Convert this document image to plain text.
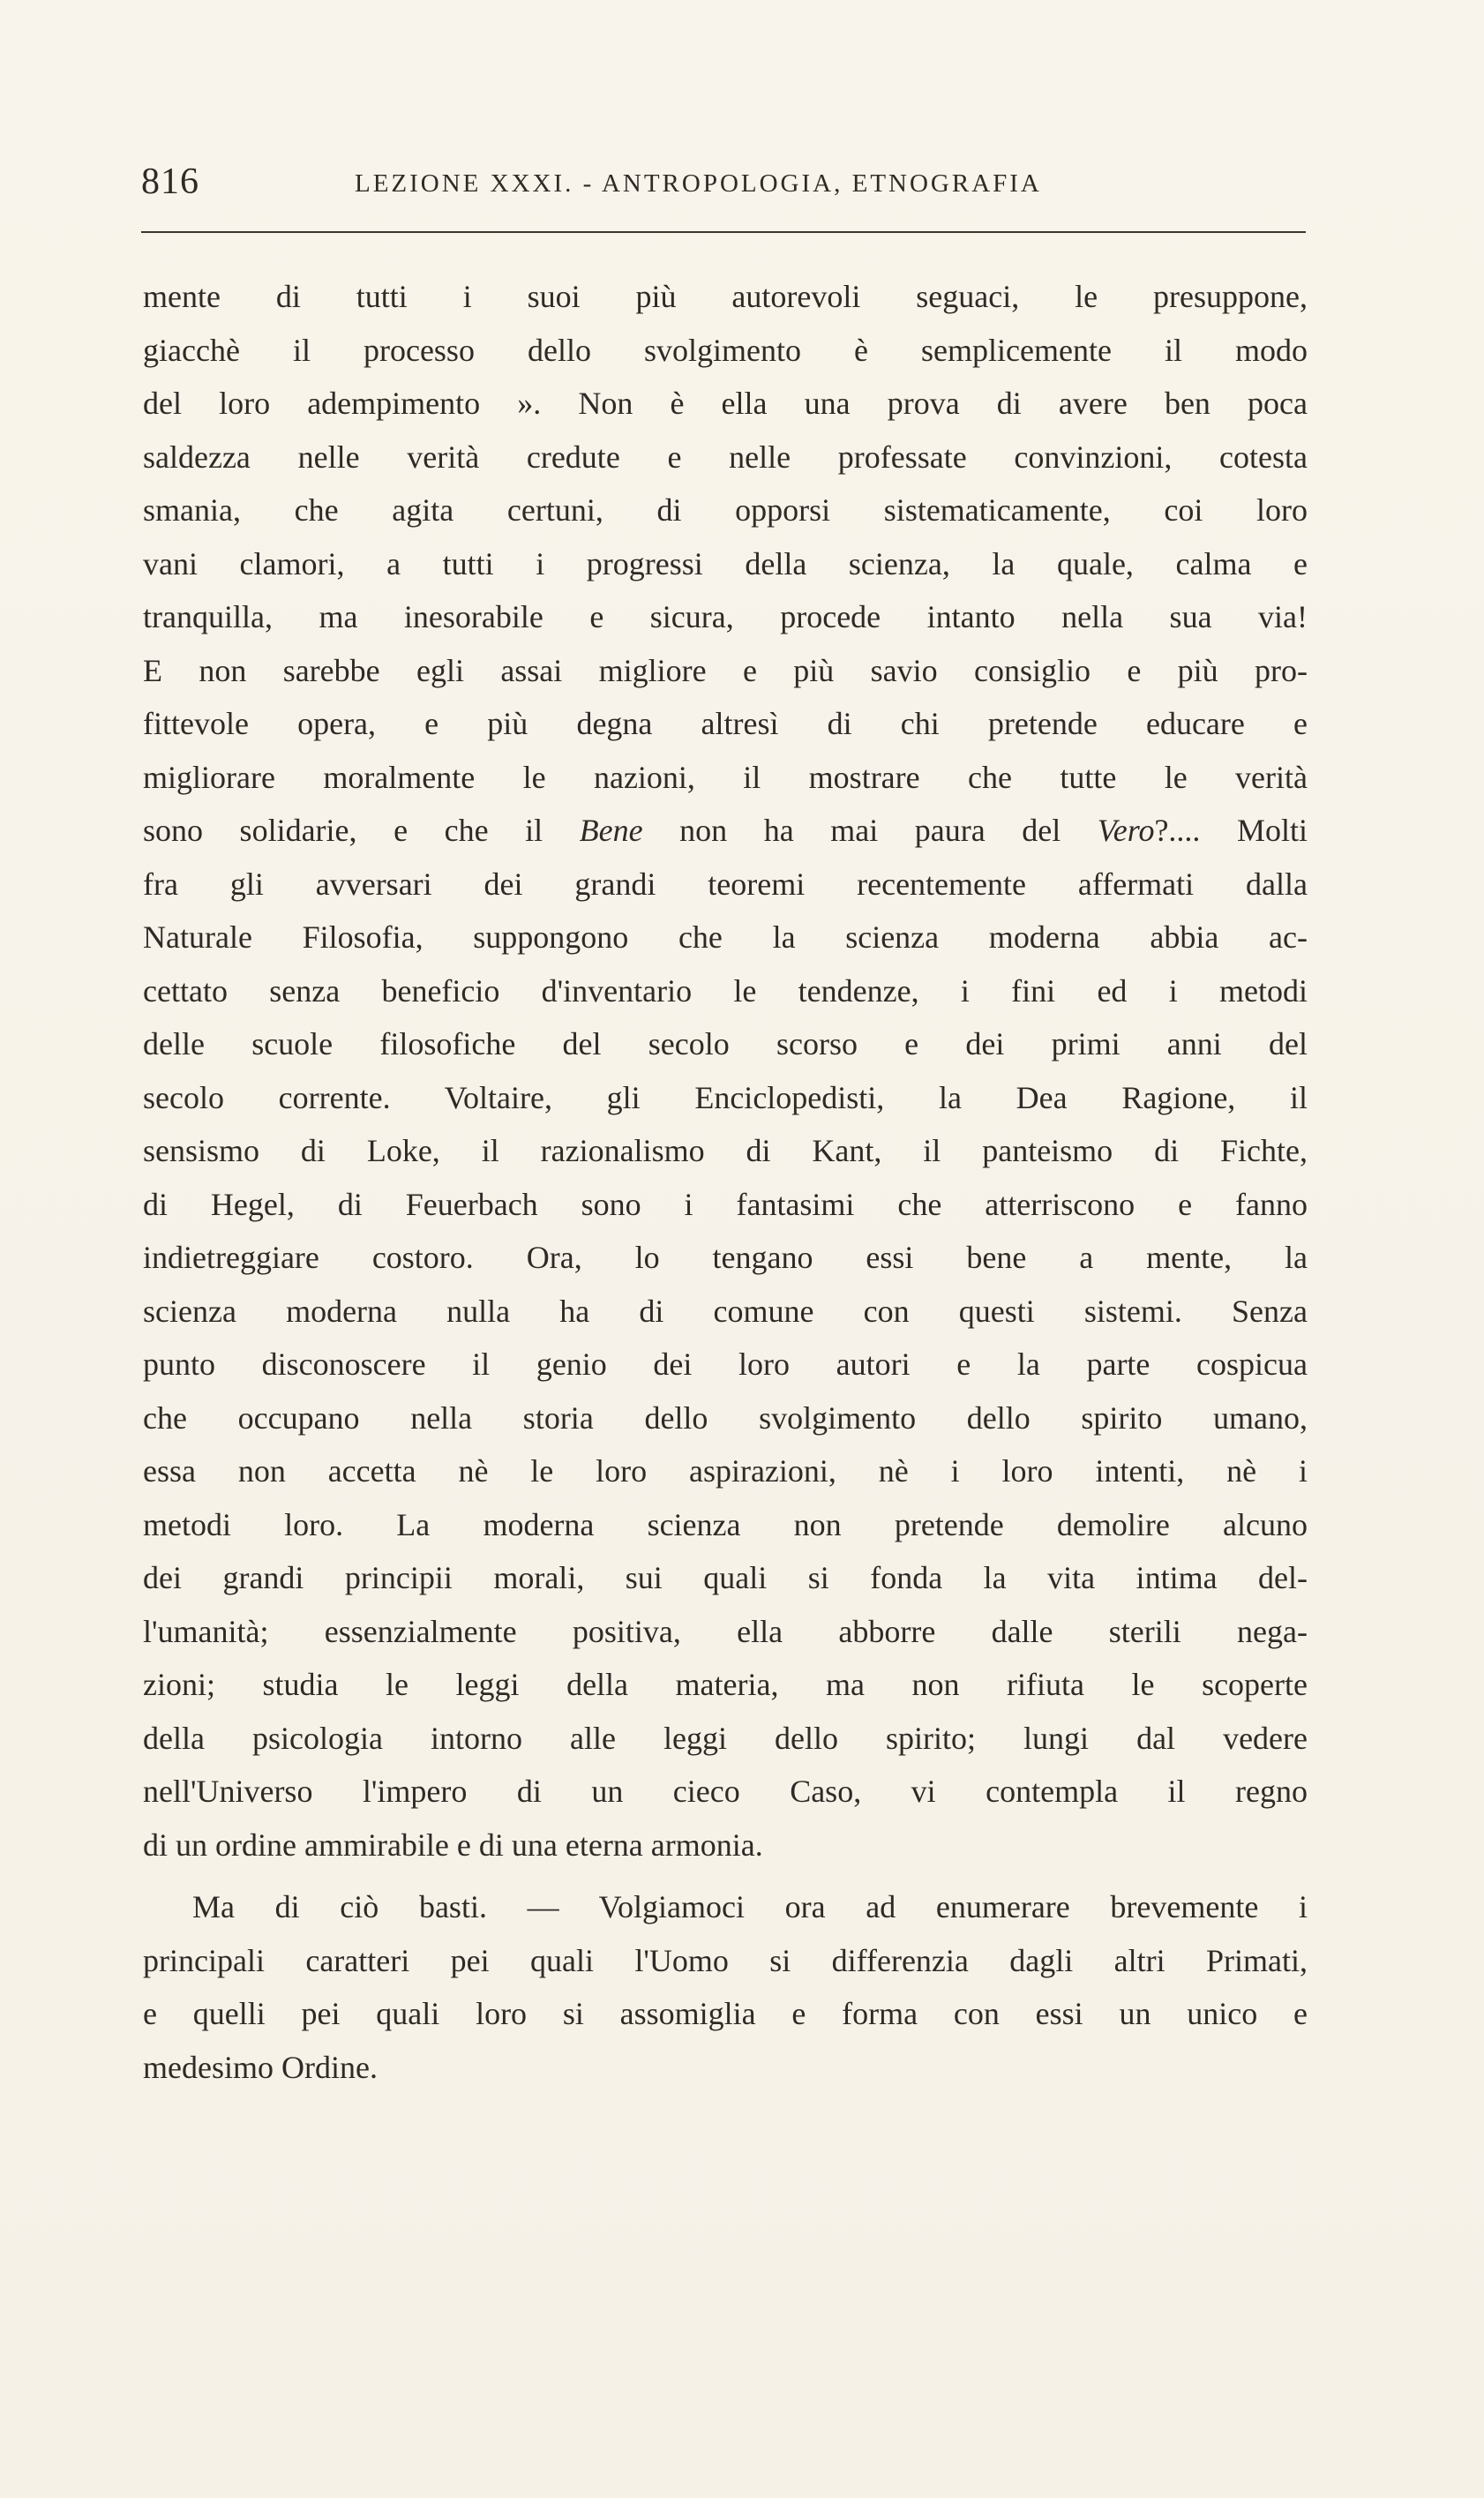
816	LEZIONE XXXI. - ANTROPOLOGIA, ETNOGRAFIA
mente di tutti i suoi più autorevoli seguaci, le presuppone,
giacchè il processo dello svolgimento è semplicemente il modo
del loro adempimento ». Non è ella una prova di avere ben poca
saldezza nelle verità credute e nelle professate convinzioni, cotesta
smania, che agita certuni, di opporsi sistematicamente, coi loro
vani clamori, a tutti i progressi della scienza, la quale, calma e
tranquilla, ma inesorabile e sicura, procede intanto nella sua via!
E non sarebbe egli assai migliore e più savio consiglio e più pro-
fittevole opera, e più degna altresì di chi pretende educare e
migliorare moralmente le nazioni, il mostrare che tutte le verità
sono solidarie, e che il Bene non ha mai paura del Vero?.... Molti
fra gli avversari dei grandi teoremi recentemente affermati dalla
Naturale Filosofia, suppongono che la scienza moderna abbia ac-
cettato senza beneficio d'inventario le tendenze, i fini ed i metodi
delle scuole filosofiche del secolo scorso e dei primi anni del
secolo corrente. Voltaire, gli Enciclopedisti, la Dea Ragione, il
sensismo di Loke, il razionalismo di Kant, il panteismo di Fichte,
di Hegel, di Feuerbach sono i fantasimi che atterriscono e fanno
indietreggiare costoro. Ora, lo tengano essi bene a mente, la
scienza moderna nulla ha di comune con questi sistemi. Senza
punto disconoscere il genio dei loro autori e la parte cospicua
che occupano nella storia dello svolgimento dello spirito umano,
essa non accetta nè le loro aspirazioni, nè i loro intenti, nè i
metodi loro. La moderna scienza non pretende demolire alcuno
dei grandi principii morali, sui quali si fonda la vita intima del-
l'umanità; essenzialmente positiva, ella abborre dalle sterili nega-
zioni; studia le leggi della materia, ma non rifiuta le scoperte
della psicologia intorno alle leggi dello spirito; lungi dal vedere
nell'Universo l'impero di un cieco Caso, vi contempla il regno
di un ordine ammirabile e di una eterna armonia.
Ma di ciò basti. — Volgiamoci ora ad enumerare brevemente i
principali caratteri pei quali l'Uomo si differenzia dagli altri Primati,
e quelli pei quali loro si assomiglia e forma con essi un unico e
medesimo Ordine.
